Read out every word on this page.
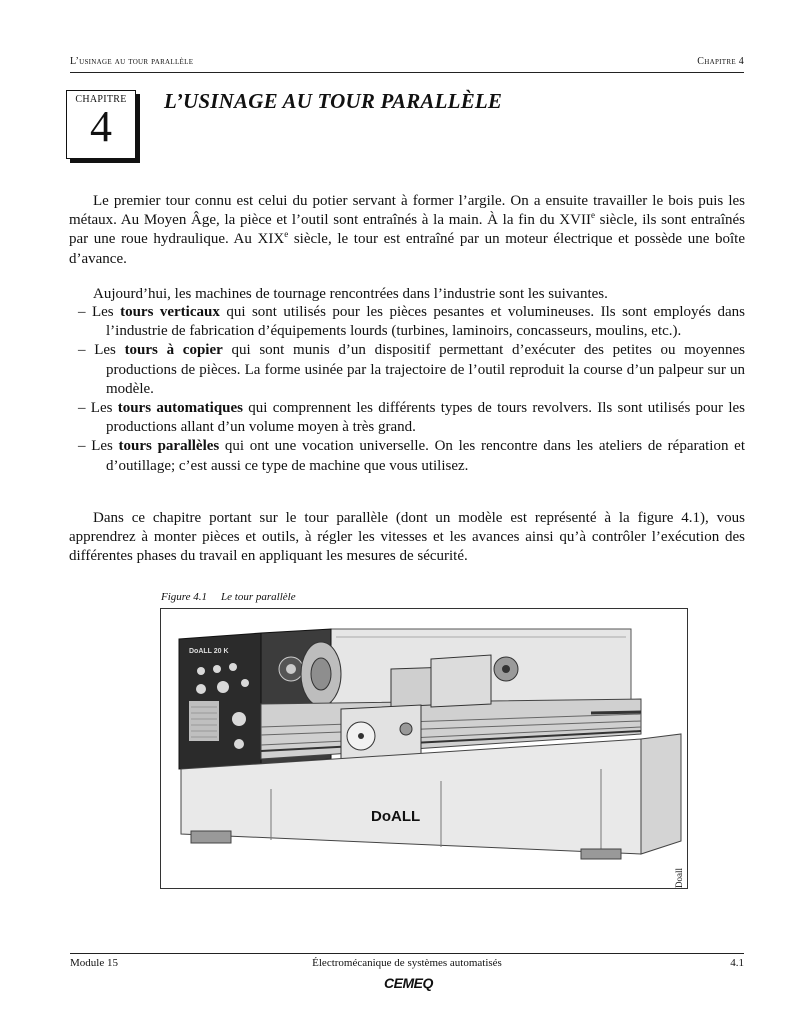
L’usinage au tour parallèle	Chapitre 4
CHAPITRE
4
L’USINAGE AU TOUR PARALLÈLE
Le premier tour connu est celui du potier servant à former l’argile. On a ensuite travailler le bois puis les métaux. Au Moyen Âge, la pièce et l’outil sont entraînés à la main. À la fin du XVIIe siècle, ils sont entraînés par une roue hydraulique. Au XIXe siècle, le tour est entraîné par un moteur électrique et possède une boîte d’avance.
Aujourd’hui, les machines de tournage rencontrées dans l’industrie sont les suivantes.
– Les tours verticaux qui sont utilisés pour les pièces pesantes et volumineuses. Ils sont employés dans l’industrie de fabrication d’équipements lourds (turbines, laminoirs, concasseurs, moulins, etc.).
– Les tours à copier qui sont munis d’un dispositif permettant d’exécuter des petites ou moyennes productions de pièces. La forme usinée par la trajectoire de l’outil reproduit la course d’un palpeur sur un modèle.
– Les tours automatiques qui comprennent les différents types de tours revolvers. Ils sont utilisés pour les productions allant d’un volume moyen à très grand.
– Les tours parallèles qui ont une vocation universelle. On les rencontre dans les ateliers de réparation et d’outillage; c’est aussi ce type de machine que vous utilisez.
Dans ce chapitre portant sur le tour parallèle (dont un modèle est représenté à la figure 4.1), vous apprendrez à monter pièces et outils, à régler les vitesses et les avances ainsi qu’à contrôler l’exécution des différentes phases du travail en appliquant les mesures de sécurité.
Figure 4.1 Le tour parallèle
DoALL 20 K
DoALL
Doall
Module 15	Électromécanique de systèmes automatisés	4.1
CEMEQ
